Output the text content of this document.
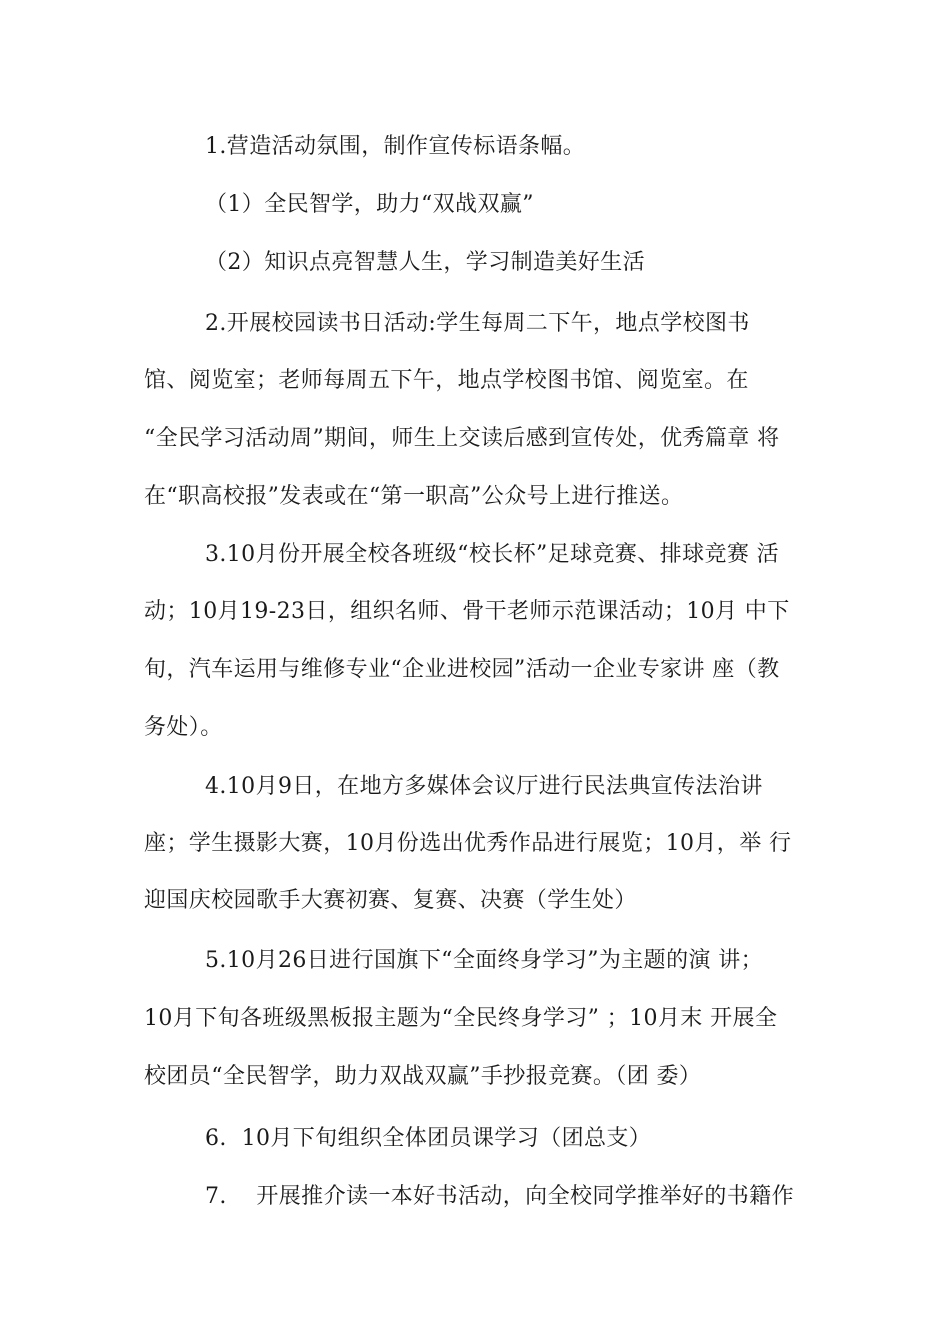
1.营造活动氛围，制作宣传标语条幅。
（1）全民智学，助力“双战双赢”
（2）知识点亮智慧人生，学习制造美好生活
2.开展校园读书日活动:学生每周二下午，地点学校图书
馆、阅览室；老师每周五下午，地点学校图书馆、阅览室。在
“全民学习活动周”期间，师生上交读后感到宣传处，优秀篇章 将
在“职高校报”发表或在“第一职高”公众号上进行推送。
3.10月份开展全校各班级“校长杯”足球竞赛、排球竞赛 活
动；10月19-23日，组织名师、骨干老师示范课活动；10月 中下
旬，汽车运用与维修专业“企业进校园”活动一企业专家讲 座（教
务处）。
4.10月9日，在地方多媒体会议厅进行民法典宣传法治讲
座；学生摄影大赛，10月份选出优秀作品进行展览；10月，举 行
迎国庆校园歌手大赛初赛、复赛、决赛（学生处）
5.10月26日进行国旗下“全面终身学习”为主题的演 讲；
10月下旬各班级黑板报主题为“全民终身学习” ；10月末 开展全
校团员“全民智学，助力双战双赢”手抄报竞赛。（团 委）
6.  10月下旬组织全体团员课学习（团总支）
7.    开展推介读一本好书活动，向全校同学推举好的书籍作
